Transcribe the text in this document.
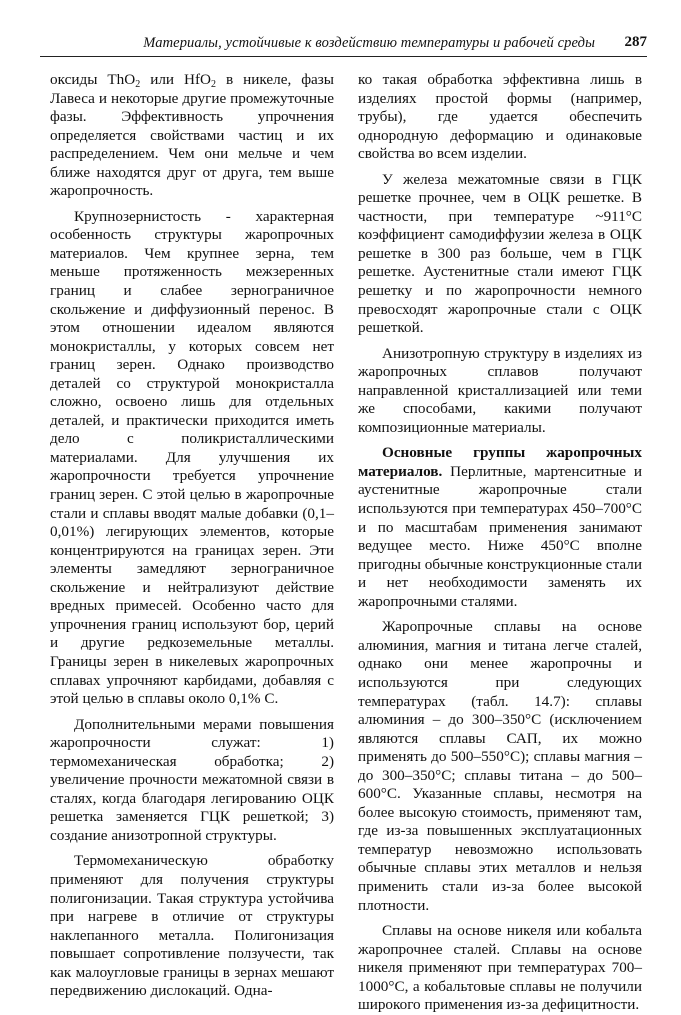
Материалы, устойчивые к воздействию температуры и рабочей среды 287

оксиды ThO$_2$ или HfO$_2$ в никеле, фазы Лавеса и некоторые другие промежуточные фазы. Эффективность упрочнения определяется свойствами частиц и их распределением. Чем они мельче и чем ближе находятся друг от друга, тем выше жаропрочность.

Крупнозернистость - характерная особенность структуры жаропрочных материалов. Чем крупнее зерна, тем меньше протяженность межзеренных границ и слабее зернограничное скольжение и диффузионный перенос. В этом отношении идеалом являются монокристаллы, у которых совсем нет границ зерен. Однако производство деталей со структурой монокристалла сложно, освоено лишь для отдельных деталей, и практически приходится иметь дело с поликристаллическими материалами. Для улучшения их жаропрочности требуется упрочнение границ зерен. С этой целью в жаропрочные стали и сплавы вводят малые добавки (0,1–0,01%) легирующих элементов, которые концентрируются на границах зерен. Эти элементы замедляют зернограничное скольжение и нейтрализуют действие вредных примесей. Особенно часто для упрочнения границ используют бор, церий и другие редкоземельные металлы. Границы зерен в никелевых жаропрочных сплавах упрочняют карбидами, добавляя с этой целью в сплавы около 0,1% С.

Дополнительными мерами повышения жаропрочности служат: 1) термомеханическая обработка; 2) увеличение прочности межатомной связи в сталях, когда благодаря легированию ОЦК решетка заменяется ГЦК решеткой; 3) создание анизотропной структуры.

Термомеханическую обработку применяют для получения структуры полигонизации. Такая структура устойчива при нагреве в отличие от структуры наклепанного металла. Полигонизация повышает сопротивление ползучести, так как малоугловые границы в зернах мешают передвижению дислокаций. Одна-

ко такая обработка эффективна лишь в изделиях простой формы (например, трубы), где удается обеспечить однородную деформацию и одинаковые свойства во всем изделии.

У железа межатомные связи в ГЦК решетке прочнее, чем в ОЦК решетке. В частности, при температуре ~911°C коэффициент самодиффузии железа в ОЦК решетке в 300 раз больше, чем в ГЦК решетке. Аустенитные стали имеют ГЦК решетку и по жаропрочности немного превосходят жаропрочные стали с ОЦК решеткой.

Анизотропную структуру в изделиях из жаропрочных сплавов получают направленной кристаллизацией или теми же способами, какими получают композиционные материалы.

Основные группы жаропрочных материалов. Перлитные, мартенситные и аустенитные жаропрочные стали используются при температурах 450–700°C и по масштабам применения занимают ведущее место. Ниже 450°C вполне пригодны обычные конструкционные стали и нет необходимости заменять их жаропрочными сталями.

Жаропрочные сплавы на основе алюминия, магния и титана легче сталей, однако они менее жаропрочны и используются при следующих температурах (табл. 14.7): сплавы алюминия – до 300–350°C (исключением являются сплавы САП, их можно применять до 500–550°C); сплавы магния – до 300–350°C; сплавы титана – до 500–600°C. Указанные сплавы, несмотря на более высокую стоимость, применяют там, где из-за повышенных эксплуатационных температур невозможно использовать обычные сплавы этих металлов и нельзя применить стали из-за более высокой плотности.

Сплавы на основе никеля или кобальта жаропрочнее сталей. Сплавы на основе никеля применяют при температурах 700–1000°C, а кобальтовые сплавы не получили широкого применения из-за дефицитности.
